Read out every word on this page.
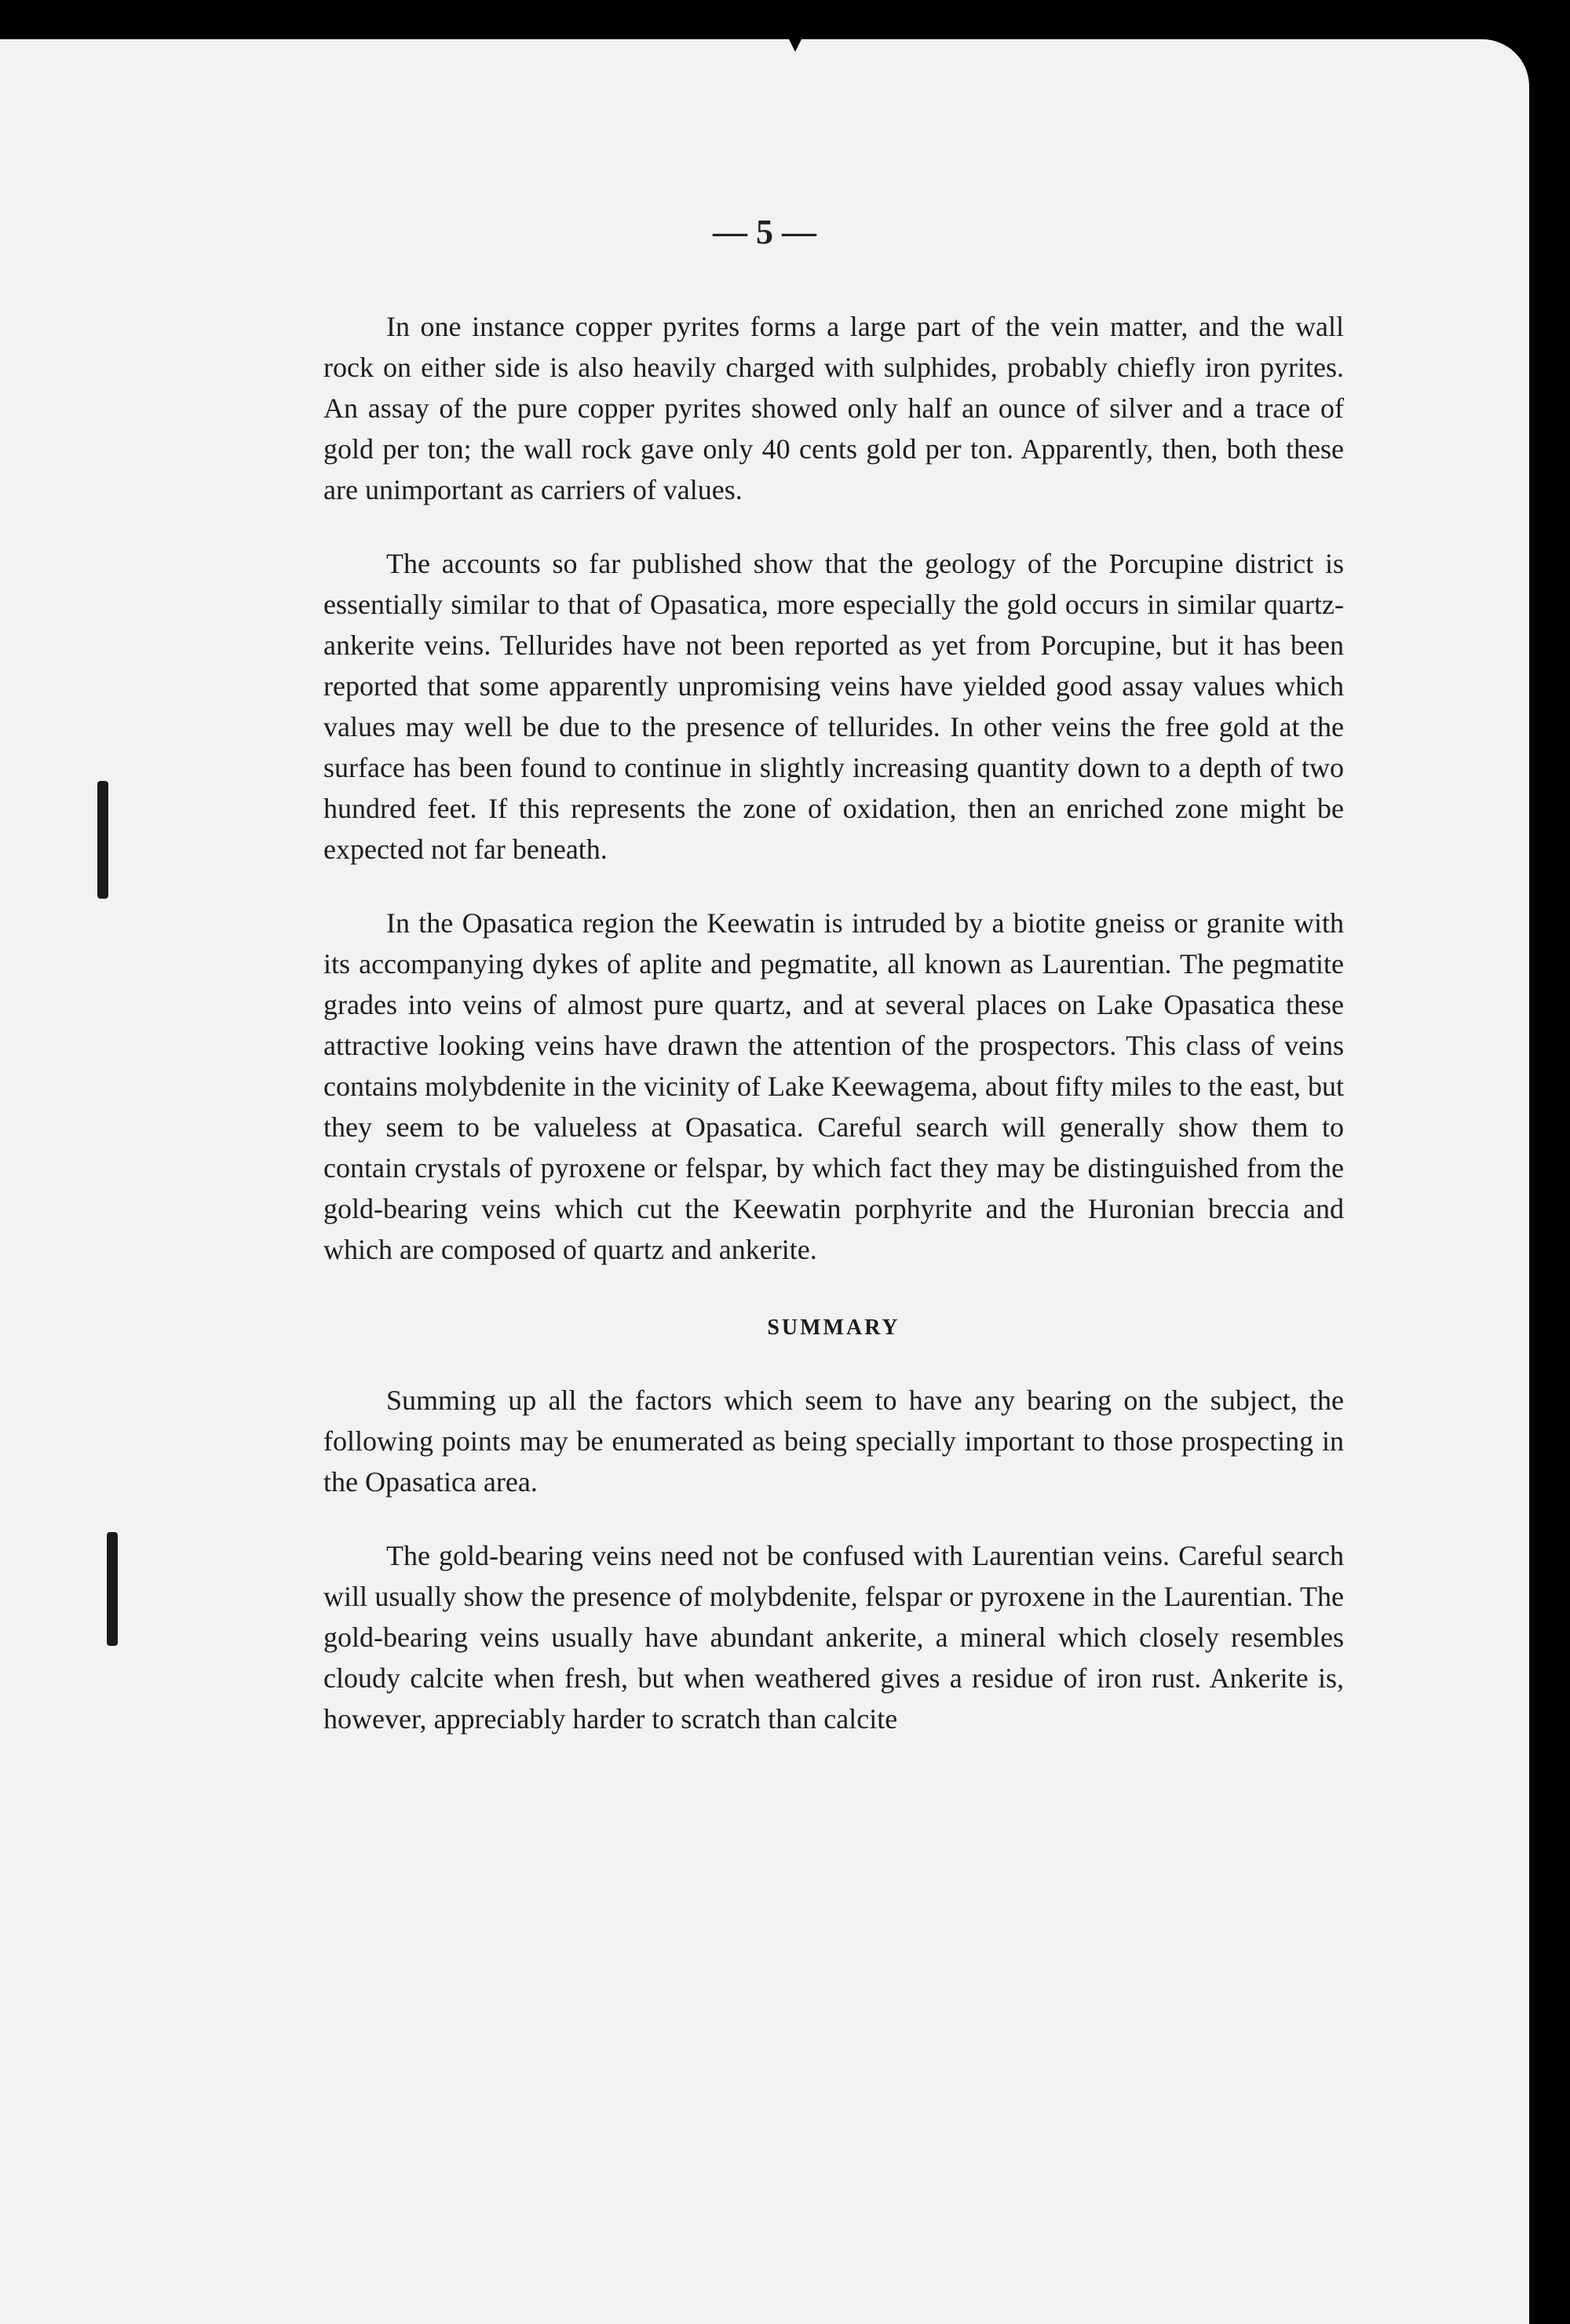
— 5 —

In one instance copper pyrites forms a large part of the vein matter, and the wall rock on either side is also heavily charged with sulphides, probably chiefly iron pyrites. An assay of the pure copper pyrites showed only half an ounce of silver and a trace of gold per ton; the wall rock gave only 40 cents gold per ton. Apparently, then, both these are unimportant as carriers of values.

The accounts so far published show that the geology of the Porcupine district is essentially similar to that of Opasatica, more especially the gold occurs in similar quartz-ankerite veins. Tellurides have not been reported as yet from Porcupine, but it has been reported that some apparently unpromising veins have yielded good assay values which values may well be due to the presence of tellurides. In other veins the free gold at the surface has been found to continue in slightly increasing quantity down to a depth of two hundred feet. If this represents the zone of oxidation, then an enriched zone might be expected not far beneath.

In the Opasatica region the Keewatin is intruded by a biotite gneiss or granite with its accompanying dykes of aplite and pegmatite, all known as Laurentian. The pegmatite grades into veins of almost pure quartz, and at several places on Lake Opasatica these attractive looking veins have drawn the attention of the prospectors. This class of veins contains molybdenite in the vicinity of Lake Keewagema, about fifty miles to the east, but they seem to be valueless at Opasatica. Careful search will generally show them to contain crystals of pyroxene or felspar, by which fact they may be distinguished from the gold-bearing veins which cut the Keewatin porphyrite and the Huronian breccia and which are composed of quartz and ankerite.

SUMMARY

Summing up all the factors which seem to have any bearing on the subject, the following points may be enumerated as being specially important to those prospecting in the Opasatica area.

The gold-bearing veins need not be confused with Laurentian veins. Careful search will usually show the presence of molybdenite, felspar or pyroxene in the Laurentian. The gold-bearing veins usually have abundant ankerite, a mineral which closely resembles cloudy calcite when fresh, but when weathered gives a residue of iron rust. Ankerite is, however, appreciably harder to scratch than calcite
